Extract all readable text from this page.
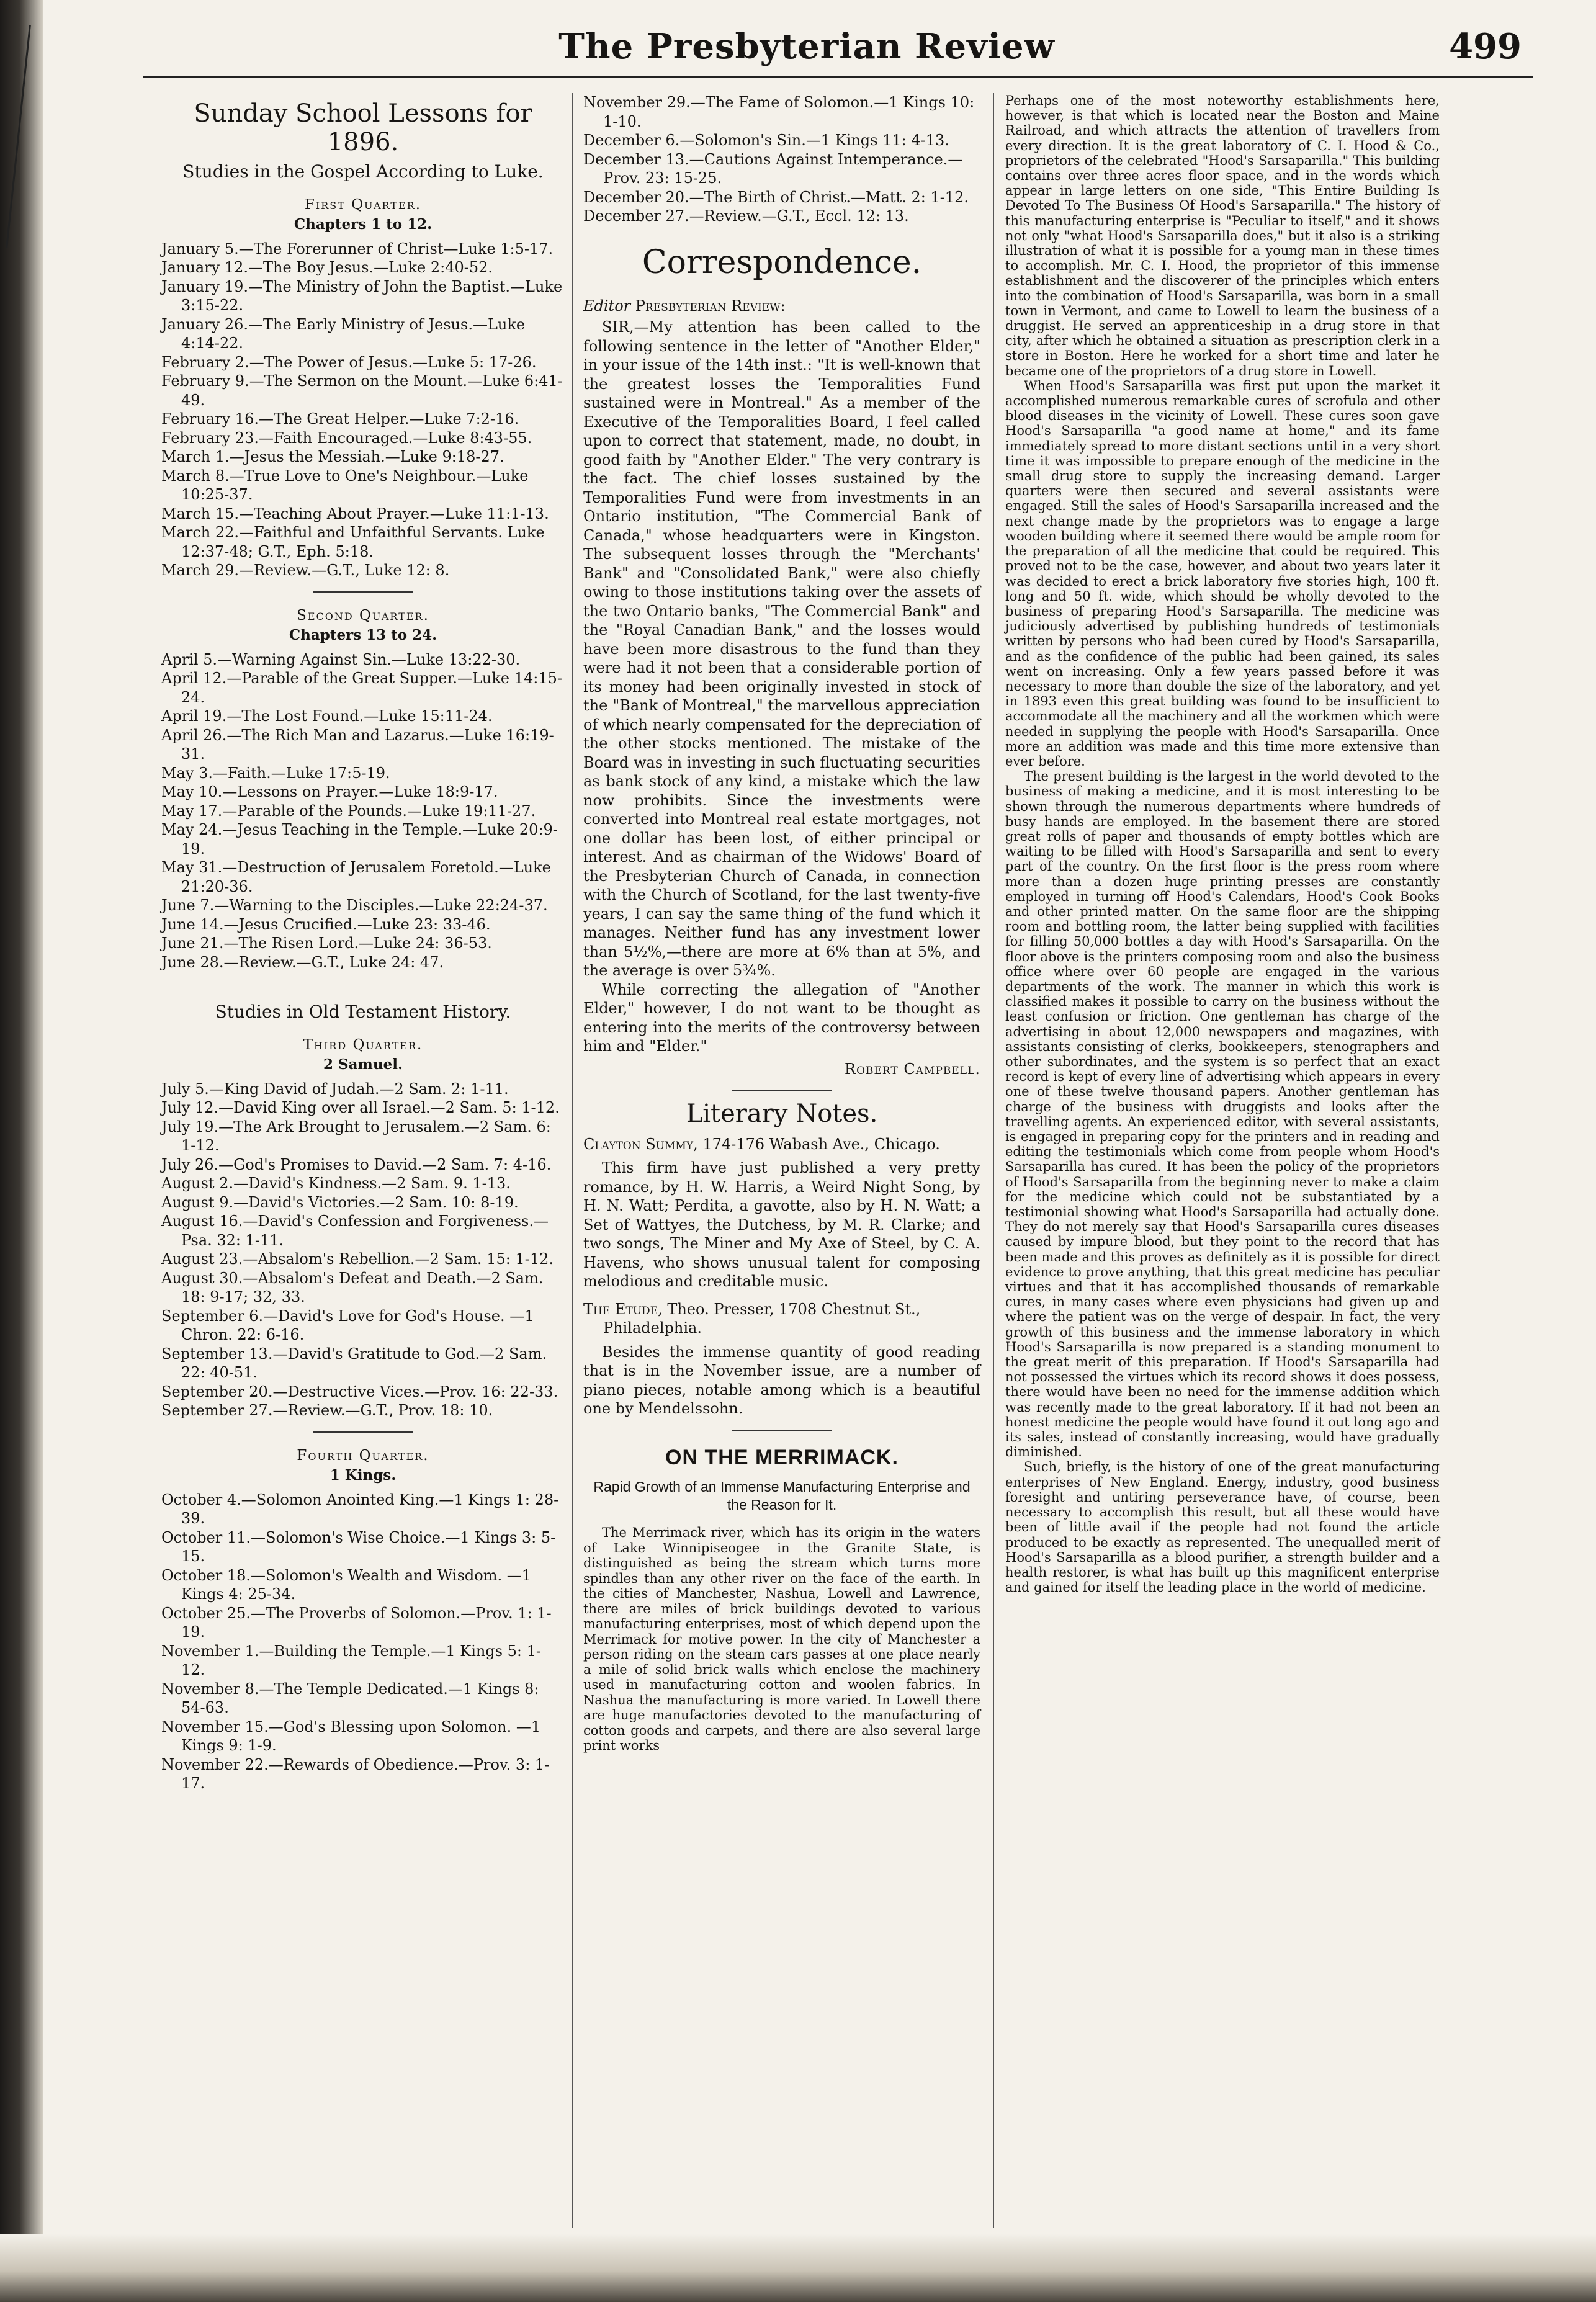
The Presbyterian Review	499
Sunday School Lessons for 1896.
Studies in the Gospel According to Luke.
First Quarter.
Chapters 1 to 12.

January 5.—The Forerunner of Christ—Luke 1:5-17.

January 12.—The Boy Jesus.—Luke 2:40-52.

January 19.—The Ministry of John the Baptist.—Luke 3:15-22.

January 26.—The Early Ministry of Jesus.—Luke 4:14-22.

February 2.—The Power of Jesus.—Luke 5: 17-26.

February 9.—The Sermon on the Mount.—Luke 6:41-49.

February 16.—The Great Helper.—Luke 7:2-16.

February 23.—Faith Encouraged.—Luke 8:43-55.

March 1.—Jesus the Messiah.—Luke 9:18-27.

March 8.—True Love to One's Neighbour.—Luke 10:25-37.

March 15.—Teaching About Prayer.—Luke 11:1-13.

March 22.—Faithful and Unfaithful Servants. Luke 12:37-48; G.T., Eph. 5:18.

March 29.—Review.—G.T., Luke 12: 8.

Second Quarter.
Chapters 13 to 24.

April 5.—Warning Against Sin.—Luke 13:22-30.

April 12.—Parable of the Great Supper.—Luke 14:15-24.

April 19.—The Lost Found.—Luke 15:11-24.

April 26.—The Rich Man and Lazarus.—Luke 16:19-31.

May 3.—Faith.—Luke 17:5-19.

May 10.—Lessons on Prayer.—Luke 18:9-17.

May 17.—Parable of the Pounds.—Luke 19:11-27.

May 24.—Jesus Teaching in the Temple.—Luke 20:9-19.

May 31.—Destruction of Jerusalem Foretold.—Luke 21:20-36.

June 7.—Warning to the Disciples.—Luke 22:24-37.

June 14.—Jesus Crucified.—Luke 23: 33-46.

June 21.—The Risen Lord.—Luke 24: 36-53.

June 28.—Review.—G.T., Luke 24: 47.

Studies in Old Testament History.
Third Quarter.
2 Samuel.

July 5.—King David of Judah.—2 Sam. 2: 1-11.

July 12.—David King over all Israel.—2 Sam. 5: 1-12.

July 19.—The Ark Brought to Jerusalem.—2 Sam. 6: 1-12.

July 26.—God's Promises to David.—2 Sam. 7: 4-16.

August 2.—David's Kindness.—2 Sam. 9. 1-13.

August 9.—David's Victories.—2 Sam. 10: 8-19.

August 16.—David's Confession and Forgiveness.—Psa. 32: 1-11.

August 23.—Absalom's Rebellion.—2 Sam. 15: 1-12.

August 30.—Absalom's Defeat and Death.—2 Sam. 18: 9-17; 32, 33.

September 6.—David's Love for God's House. —1 Chron. 22: 6-16.

September 13.—David's Gratitude to God.—2 Sam. 22: 40-51.

September 20.—Destructive Vices.—Prov. 16: 22-33.

September 27.—Review.—G.T., Prov. 18: 10.

Fourth Quarter.
1 Kings.

October 4.—Solomon Anointed King.—1 Kings 1: 28-39.

October 11.—Solomon's Wise Choice.—1 Kings 3: 5-15.

October 18.—Solomon's Wealth and Wisdom. —1 Kings 4: 25-34.

October 25.—The Proverbs of Solomon.—Prov. 1: 1-19.

November 1.—Building the Temple.—1 Kings 5: 1-12.

November 8.—The Temple Dedicated.—1 Kings 8: 54-63.

November 15.—God's Blessing upon Solomon. —1 Kings 9: 1-9.

November 22.—Rewards of Obedience.—Prov. 3: 1-17.

November 29.—The Fame of Solomon.—1 Kings 10: 1-10.

December 6.—Solomon's Sin.—1 Kings 11: 4-13.

December 13.—Cautions Against Intemperance.—Prov. 23: 15-25.

December 20.—The Birth of Christ.—Matt. 2: 1-12.

December 27.—Review.—G.T., Eccl. 12: 13.

Correspondence.

Editor Presbyterian Review:

SIR,—My attention has been called to the following sentence in the letter of "Another Elder," in your issue of the 14th inst.: "It is well-known that the greatest losses the Temporalities Fund sustained were in Montreal." As a member of the Executive of the Temporalities Board, I feel called upon to correct that statement, made, no doubt, in good faith by "Another Elder." The very contrary is the fact. The chief losses sustained by the Temporalities Fund were from investments in an Ontario institution, "The Commercial Bank of Canada," whose headquarters were in Kingston. The subsequent losses through the "Merchants' Bank" and "Consolidated Bank," were also chiefly owing to those institutions taking over the assets of the two Ontario banks, "The Commercial Bank" and the "Royal Canadian Bank," and the losses would have been more disastrous to the fund than they were had it not been that a considerable portion of its money had been originally invested in stock of the "Bank of Montreal," the marvellous appreciation of which nearly compensated for the depreciation of the other stocks mentioned. The mistake of the Board was in investing in such fluctuating securities as bank stock of any kind, a mistake which the law now prohibits. Since the investments were converted into Montreal real estate mortgages, not one dollar has been lost, of either principal or interest. And as chairman of the Widows' Board of the Presbyterian Church of Canada, in connection with the Church of Scotland, for the last twenty-five years, I can say the same thing of the fund which it manages. Neither fund has any investment lower than 5½%,—there are more at 6% than at 5%, and the average is over 5¾%.

While correcting the allegation of "Another Elder," however, I do not want to be thought as entering into the merits of the controversy between him and "Elder."

Robert Campbell.

Literary Notes.

Clayton Summy, 174-176 Wabash Ave., Chicago.

This firm have just published a very pretty romance, by H. W. Harris, a Weird Night Song, by H. N. Watt; Perdita, a gavotte, also by H. N. Watt; a Set of Wattyes, the Dutchess, by M. R. Clarke; and two songs, The Miner and My Axe of Steel, by C. A. Havens, who shows unusual talent for composing melodious and creditable music.

The Etude, Theo. Presser, 1708 Chestnut St., Philadelphia.

Besides the immense quantity of good reading that is in the November issue, are a number of piano pieces, notable among which is a beautiful one by Mendelssohn.

ON THE MERRIMACK.
Rapid Growth of an Immense Manufacturing Enterprise and the Reason for It.

The Merrimack river, which has its origin in the waters of Lake Winnipiseogee in the Granite State, is distinguished as being the stream which turns more spindles than any other river on the face of the earth. In the cities of Manchester, Nashua, Lowell and Lawrence, there are miles of brick buildings devoted to various manufacturing enterprises, most of which depend upon the Merrimack for motive power. In the city of Manchester a person riding on the steam cars passes at one place nearly a mile of solid brick walls which enclose the machinery used in manufacturing cotton and woolen fabrics. In Nashua the manufacturing is more varied. In Lowell there are huge manufactories devoted to the manufacturing of cotton goods and carpets, and there are also several large print works

Perhaps one of the most noteworthy establishments here, however, is that which is located near the Boston and Maine Railroad, and which attracts the attention of travellers from every direction. It is the great laboratory of C. I. Hood & Co., proprietors of the celebrated "Hood's Sarsaparilla." This building contains over three acres floor space, and in the words which appear in large letters on one side, "This Entire Building Is Devoted To The Business Of Hood's Sarsaparilla." The history of this manufacturing enterprise is "Peculiar to itself," and it shows not only "what Hood's Sarsaparilla does," but it also is a striking illustration of what it is possible for a young man in these times to accomplish. Mr. C. I. Hood, the proprietor of this immense establishment and the discoverer of the principles which enters into the combination of Hood's Sarsaparilla, was born in a small town in Vermont, and came to Lowell to learn the business of a druggist. He served an apprenticeship in a drug store in that city, after which he obtained a situation as prescription clerk in a store in Boston. Here he worked for a short time and later he became one of the proprietors of a drug store in Lowell.

When Hood's Sarsaparilla was first put upon the market it accomplished numerous remarkable cures of scrofula and other blood diseases in the vicinity of Lowell. These cures soon gave Hood's Sarsaparilla "a good name at home," and its fame immediately spread to more distant sections until in a very short time it was impossible to prepare enough of the medicine in the small drug store to supply the increasing demand. Larger quarters were then secured and several assistants were engaged. Still the sales of Hood's Sarsaparilla increased and the next change made by the proprietors was to engage a large wooden building where it seemed there would be ample room for the preparation of all the medicine that could be required. This proved not to be the case, however, and about two years later it was decided to erect a brick laboratory five stories high, 100 ft. long and 50 ft. wide, which should be wholly devoted to the business of preparing Hood's Sarsaparilla. The medicine was judiciously advertised by publishing hundreds of testimonials written by persons who had been cured by Hood's Sarsaparilla, and as the confidence of the public had been gained, its sales went on increasing. Only a few years passed before it was necessary to more than double the size of the laboratory, and yet in 1893 even this great building was found to be insufficient to accommodate all the machinery and all the workmen which were needed in supplying the people with Hood's Sarsaparilla. Once more an addition was made and this time more extensive than ever before.

The present building is the largest in the world devoted to the business of making a medicine, and it is most interesting to be shown through the numerous departments where hundreds of busy hands are employed. In the basement there are stored great rolls of paper and thousands of empty bottles which are waiting to be filled with Hood's Sarsaparilla and sent to every part of the country. On the first floor is the press room where more than a dozen huge printing presses are constantly employed in turning off Hood's Calendars, Hood's Cook Books and other printed matter. On the same floor are the shipping room and bottling room, the latter being supplied with facilities for filling 50,000 bottles a day with Hood's Sarsaparilla. On the floor above is the printers composing room and also the business office where over 60 people are engaged in the various departments of the work. The manner in which this work is classified makes it possible to carry on the business without the least confusion or friction. One gentleman has charge of the advertising in about 12,000 newspapers and magazines, with assistants consisting of clerks, bookkeepers, stenographers and other subordinates, and the system is so perfect that an exact record is kept of every line of advertising which appears in every one of these twelve thousand papers. Another gentleman has charge of the business with druggists and looks after the travelling agents. An experienced editor, with several assistants, is engaged in preparing copy for the printers and in reading and editing the testimonials which come from people whom Hood's Sarsaparilla has cured. It has been the policy of the proprietors of Hood's Sarsaparilla from the beginning never to make a claim for the medicine which could not be substantiated by a testimonial showing what Hood's Sarsaparilla had actually done. They do not merely say that Hood's Sarsaparilla cures diseases caused by impure blood, but they point to the record that has been made and this proves as definitely as it is possible for direct evidence to prove anything, that this great medicine has peculiar virtues and that it has accomplished thousands of remarkable cures, in many cases where even physicians had given up and where the patient was on the verge of despair. In fact, the very growth of this business and the immense laboratory in which Hood's Sarsaparilla is now prepared is a standing monument to the great merit of this preparation. If Hood's Sarsaparilla had not possessed the virtues which its record shows it does possess, there would have been no need for the immense addition which was recently made to the great laboratory. If it had not been an honest medicine the people would have found it out long ago and its sales, instead of constantly increasing, would have gradually diminished.

Such, briefly, is the history of one of the great manufacturing enterprises of New England. Energy, industry, good business foresight and untiring perseverance have, of course, been necessary to accomplish this result, but all these would have been of little avail if the people had not found the article produced to be exactly as represented. The unequalled merit of Hood's Sarsaparilla as a blood purifier, a strength builder and a health restorer, is what has built up this magnificent enterprise and gained for itself the leading place in the world of medicine.
